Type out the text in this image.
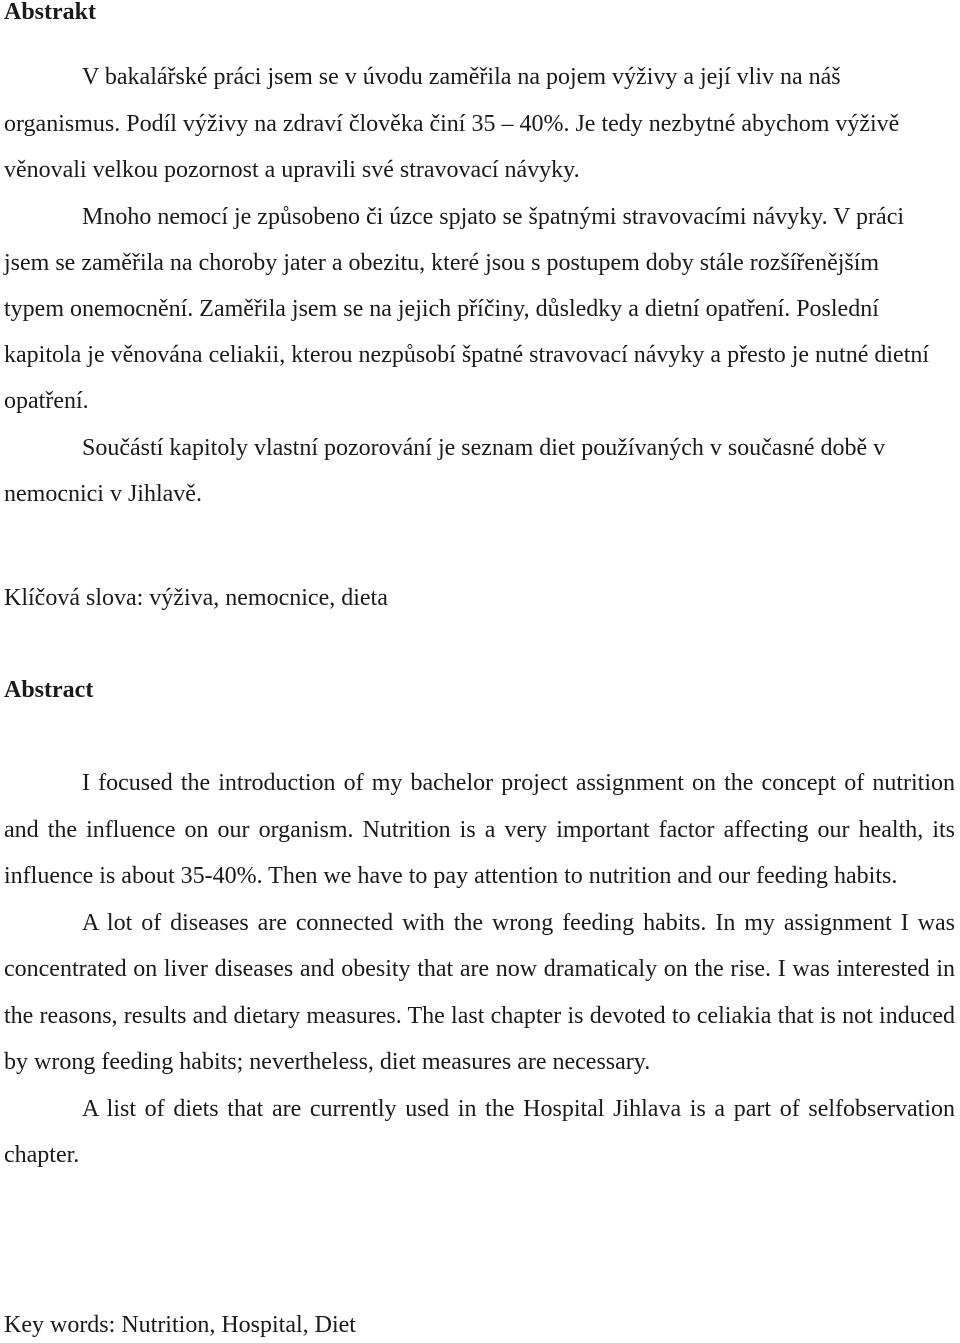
Abstrakt

V bakalářské práci jsem se v úvodu zaměřila na pojem výživy a její vliv na náš organismus. Podíl výživy na zdraví člověka činí 35 – 40%. Je tedy nezbytné abychom výživě věnovali velkou pozornost a upravili své stravovací návyky.

Mnoho nemocí je způsobeno či úzce spjato se špatnými stravovacími návyky. V práci jsem se zaměřila na choroby jater a obezitu, které jsou s postupem doby stále rozšířenějším typem onemocnění. Zaměřila jsem se na jejich příčiny, důsledky a dietní opatření. Poslední kapitola je věnována celiakii, kterou nezpůsobí špatné stravovací návyky a přesto je nutné dietní opatření.

Součástí kapitoly vlastní pozorování je seznam diet používaných v současné době v nemocnici v Jihlavě.

Klíčová slova: výživa, nemocnice, dieta

Abstract

I focused the introduction of my bachelor project assignment on the concept of nutrition and the influence on our organism. Nutrition is a very important factor affecting our health, its influence is about 35-40%. Then we have to pay attention to nutrition and our feeding habits.

A lot of diseases are connected with the wrong feeding habits. In my assignment I was concentrated on liver diseases and obesity that are now dramaticaly on the rise. I was interested in the reasons, results and dietary measures. The last chapter is devoted to celiakia that is not induced by wrong feeding habits; nevertheless, diet measures are necessary.

A list of diets that are currently used in the Hospital Jihlava is a part of selfobservation chapter.

Key words: Nutrition, Hospital, Diet
